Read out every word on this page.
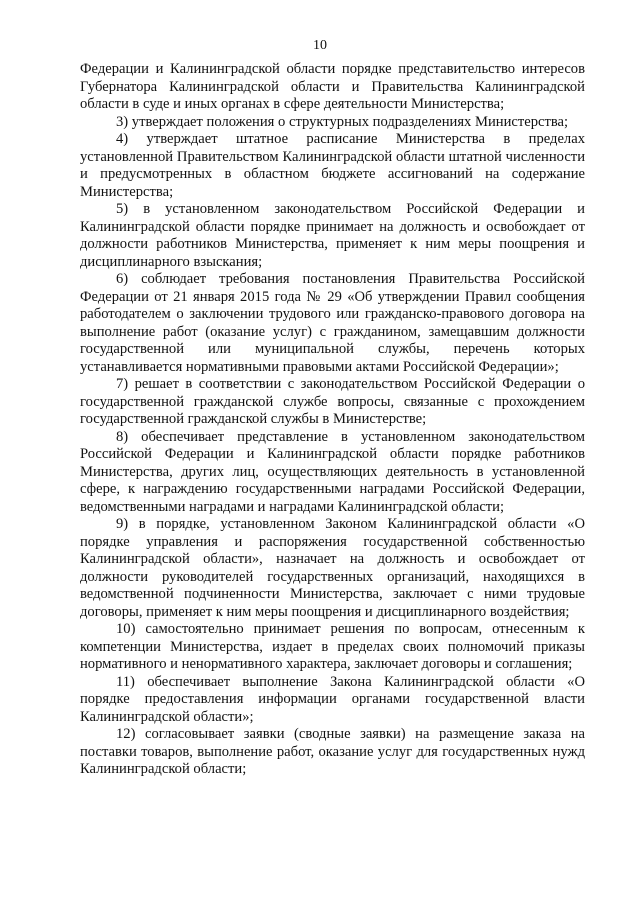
10

Федерации и Калининградской области порядке представительство интересов Губернатора Калининградской области и Правительства Калининградской области в суде и иных органах в сфере деятельности Министерства;

3) утверждает положения о структурных подразделениях Министерства;

4) утверждает штатное расписание Министерства в пределах установленной Правительством Калининградской области штатной численности и предусмотренных в областном бюджете ассигнований на содержание Министерства;

5) в установленном законодательством Российской Федерации и Калининградской области порядке принимает на должность и освобождает от должности работников Министерства, применяет к ним меры поощрения и дисциплинарного взыскания;

6) соблюдает требования постановления Правительства Российской Федерации от 21 января 2015 года № 29 «Об утверждении Правил сообщения работодателем о заключении трудового или гражданско-правового договора на выполнение работ (оказание услуг) с гражданином, замещавшим должности государственной или муниципальной службы, перечень которых устанавливается нормативными правовыми актами Российской Федерации»;

7) решает в соответствии с законодательством Российской Федерации о государственной гражданской службе вопросы, связанные с прохождением государственной гражданской службы в Министерстве;

8) обеспечивает представление в установленном законодательством Российской Федерации и Калининградской области порядке работников Министерства, других лиц, осуществляющих деятельность в установленной сфере, к награждению государственными наградами Российской Федерации, ведомственными наградами и наградами Калининградской области;

9) в порядке, установленном Законом Калининградской области «О порядке управления и распоряжения государственной собственностью Калининградской области», назначает на должность и освобождает от должности руководителей государственных организаций, находящихся в ведомственной подчиненности Министерства, заключает с ними трудовые договоры, применяет к ним меры поощрения и дисциплинарного воздействия;

10) самостоятельно принимает решения по вопросам, отнесенным к компетенции Министерства, издает в пределах своих полномочий приказы нормативного и ненормативного характера, заключает договоры и соглашения;

11) обеспечивает выполнение Закона Калининградской области «О порядке предоставления информации органами государственной власти Калининградской области»;

12) согласовывает заявки (сводные заявки) на размещение заказа на поставки товаров, выполнение работ, оказание услуг для государственных нужд Калининградской области;
